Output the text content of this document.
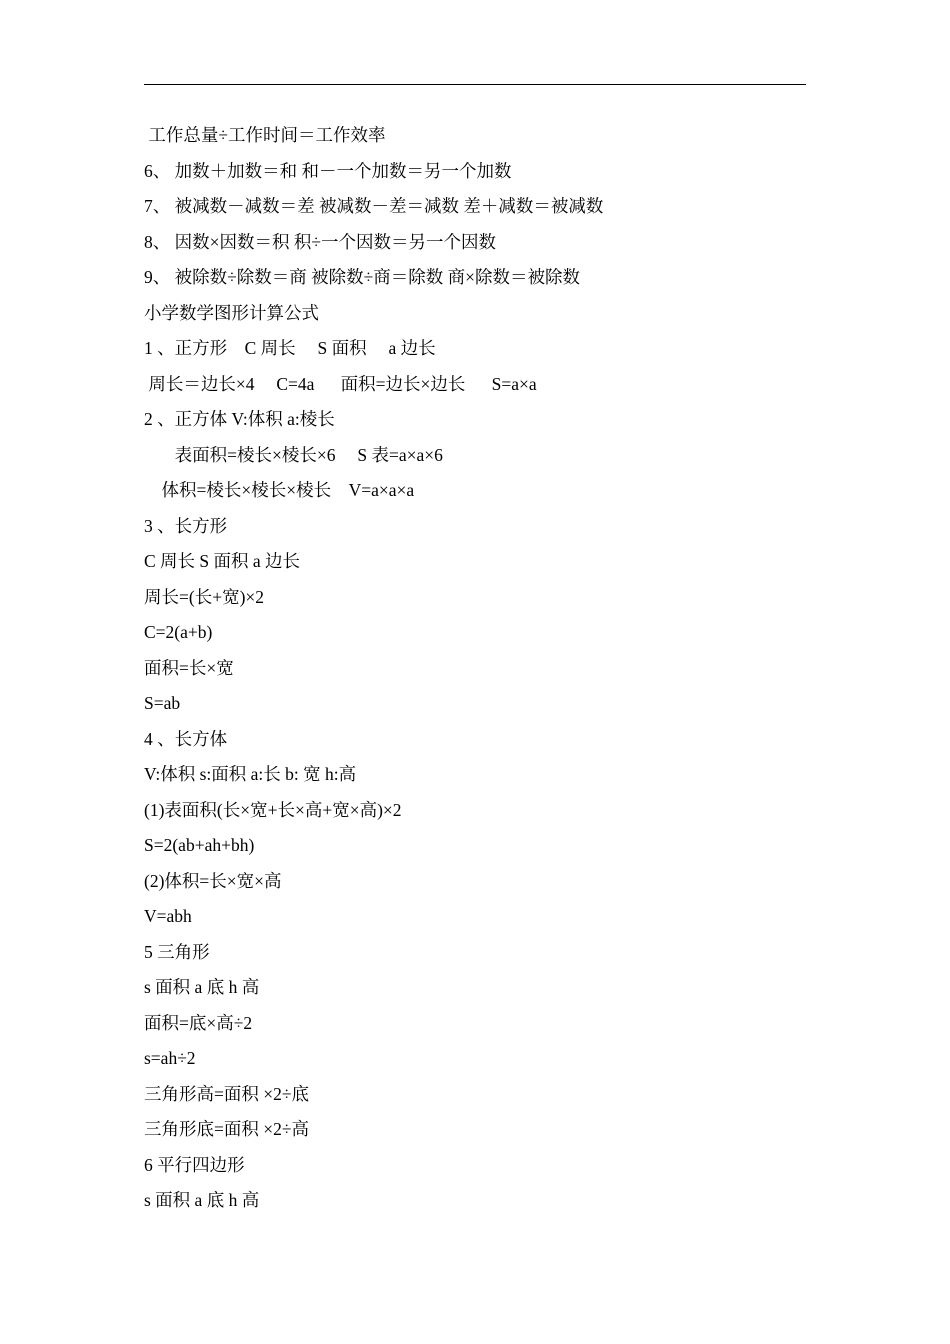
工作总量÷工作时间＝工作效率
6、 加数＋加数＝和 和－一个加数＝另一个加数
7、 被减数－减数＝差 被减数－差＝减数 差＋减数＝被减数
8、 因数×因数＝积 积÷一个因数＝另一个因数
9、 被除数÷除数＝商 被除数÷商＝除数 商×除数＝被除数
小学数学图形计算公式
1 、正方形    C 周长     S 面积     a 边长
周长＝边长×4     C=4a      面积=边长×边长      S=a×a
2 、正方体 V:体积 a:棱长
表面积=棱长×棱长×6     S 表=a×a×6
体积=棱长×棱长×棱长    V=a×a×a
3 、长方形
C 周长 S 面积 a 边长
周长=(长+宽)×2
C=2(a+b)
面积=长×宽
S=ab
4 、长方体
V:体积 s:面积 a:长 b: 宽 h:高
(1)表面积(长×宽+长×高+宽×高)×2
S=2(ab+ah+bh)
(2)体积=长×宽×高
V=abh
5 三角形
s 面积 a 底 h 高
面积=底×高÷2
s=ah÷2
三角形高=面积 ×2÷底
三角形底=面积 ×2÷高
6 平行四边形
s 面积 a 底 h 高
